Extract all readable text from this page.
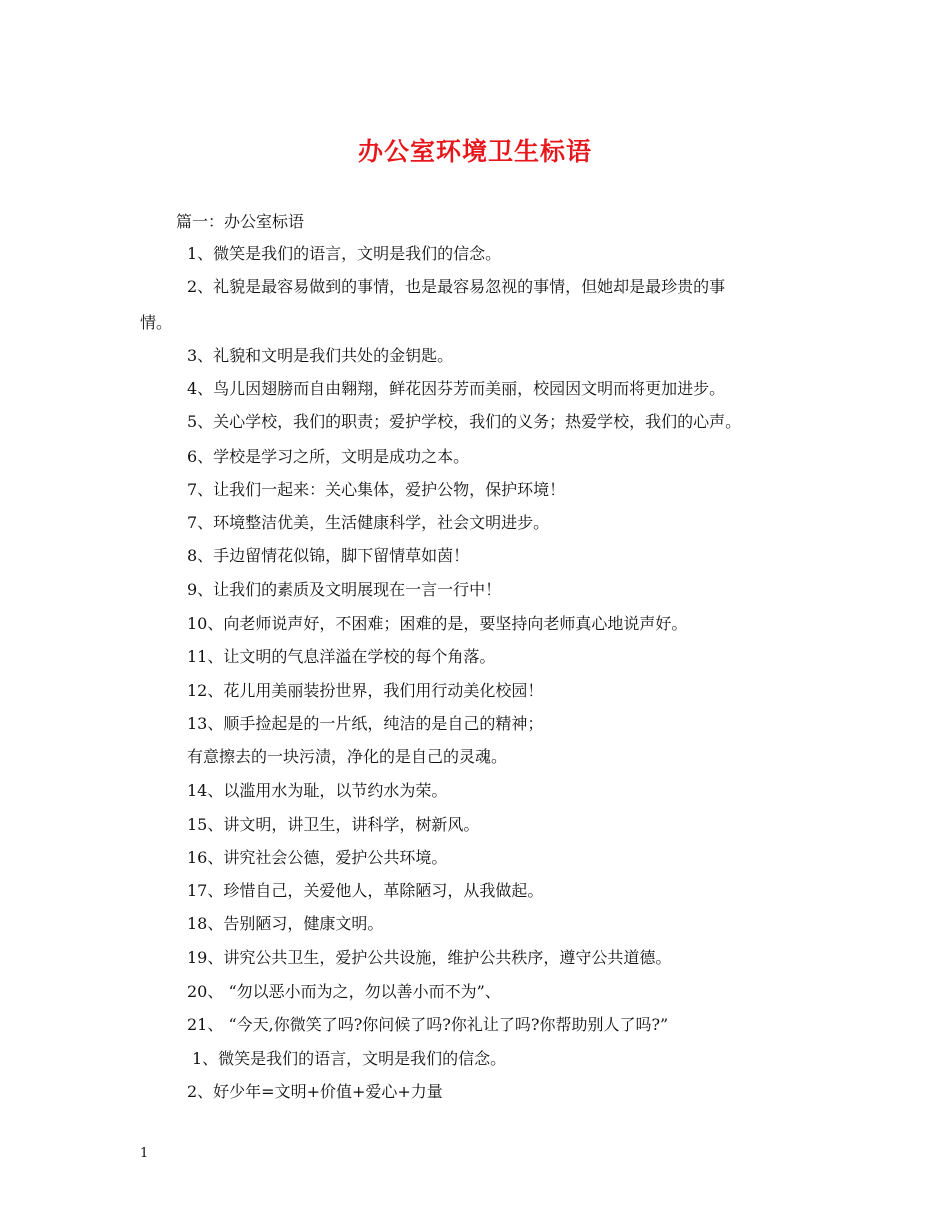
办公室环境卫生标语
篇一：办公室标语
1、微笑是我们的语言，文明是我们的信念。
2、礼貌是最容易做到的事情，也是最容易忽视的事情，但她却是最珍贵的事
情。
3、礼貌和文明是我们共处的金钥匙。
4、鸟儿因翅膀而自由翱翔，鲜花因芬芳而美丽，校园因文明而将更加进步。
5、关心学校，我们的职责；爱护学校，我们的义务；热爱学校，我们的心声。
6、学校是学习之所，文明是成功之本。
7、让我们一起来：关心集体，爱护公物，保护环境！
7、环境整洁优美，生活健康科学，社会文明进步。
8、手边留情花似锦，脚下留情草如茵！
9、让我们的素质及文明展现在一言一行中！
10、向老师说声好，不困难；困难的是，要坚持向老师真心地说声好。
11、让文明的气息洋溢在学校的每个角落。
12、花儿用美丽装扮世界，我们用行动美化校园！
13、顺手捡起是的一片纸，纯洁的是自己的精神；
有意擦去的一块污渍，净化的是自己的灵魂。
14、以滥用水为耻，以节约水为荣。
15、讲文明，讲卫生，讲科学，树新风。
16、讲究社会公德，爱护公共环境。
17、珍惜自己，关爱他人，革除陋习，从我做起。
18、告别陋习，健康文明。
19、讲究公共卫生，爱护公共设施，维护公共秩序，遵守公共道德。
20、 “勿以恶小而为之，勿以善小而不为”、
21、 “今天,你微笑了吗?你问候了吗?你礼让了吗?你帮助别人了吗?”
1、微笑是我们的语言，文明是我们的信念。
2、好少年=文明+价值+爱心+力量
1
